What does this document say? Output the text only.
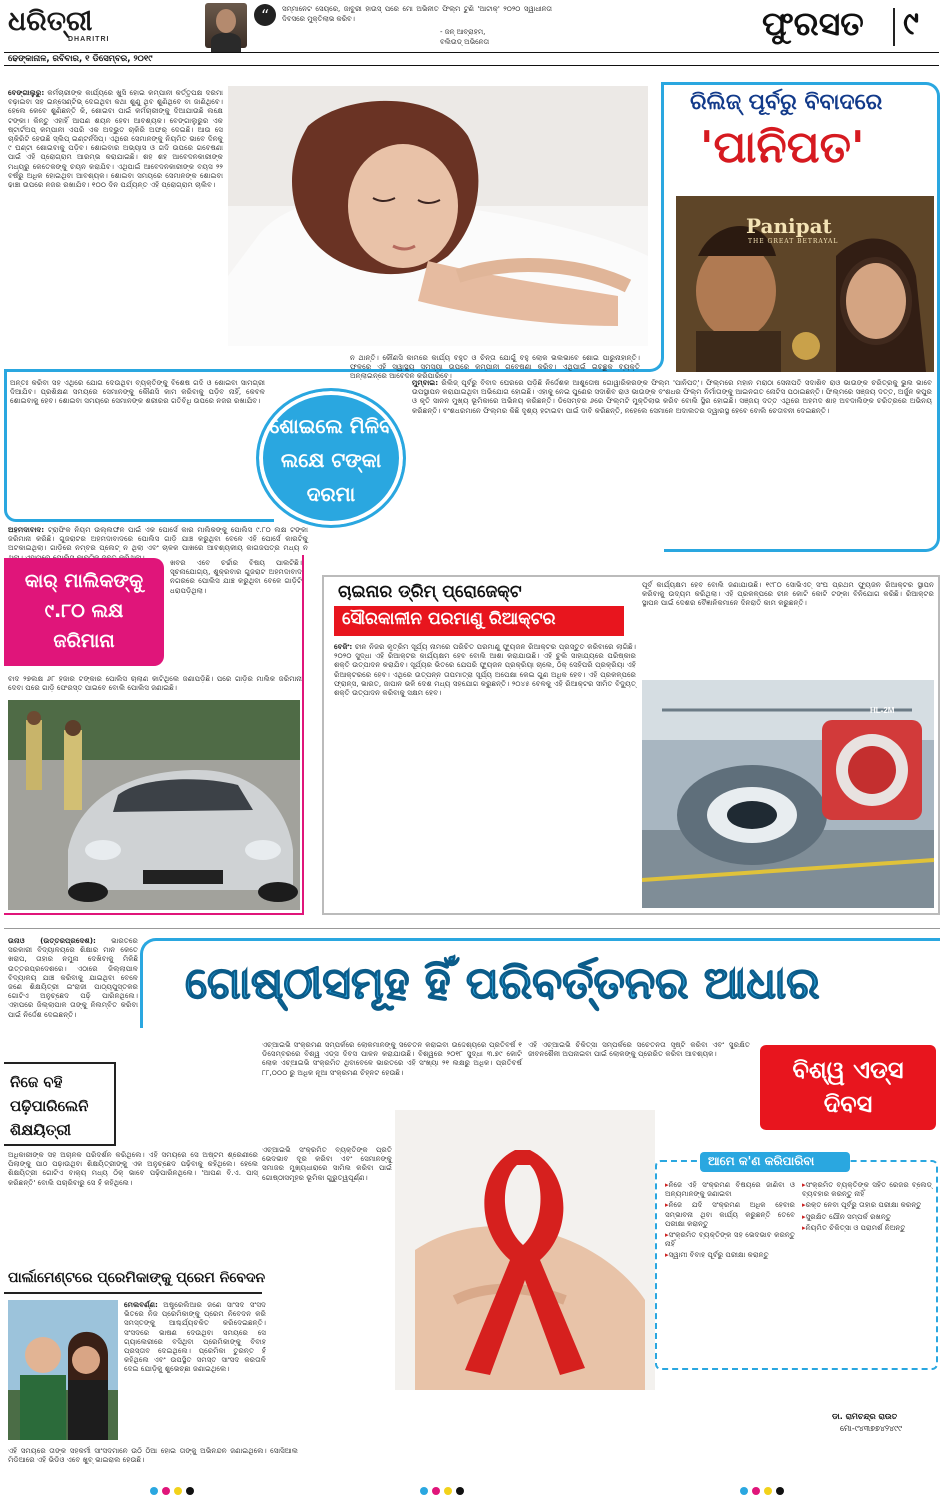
ଧରିତ୍ରୀ
DHARITRI
“	ସମ୍ମାନେଟ ସେୟରେ, ଜାବୁରୀ ହାଉସ୍ ପରେ ମୋ ଅଭିନୀତ ଫିଲ୍ମ ଟୁଣି 'ଆଟାକ୍' ୨୦୨୦ ସ୍ୱାଧୀନତା ଦିବସରେ ମୁକ୍ତିଲାଭ କରିବ।
- ଜନ୍ ଆବ୍ରାହମ,
ବଲିଉଡ୍ ଅଭିନେତା	ଫୁରସତ ୯
ଢେଙ୍କାନାଳ, ରବିବାର, ୧ ଡିସେମ୍ବର, ୨୦୧୯
ବେଙ୍ଗାଲୁରୁ: କର୍ମଚାରୀଙ୍କ କାର୍ଯ୍ୟରେ ଖୁସି ହୋଇ କମ୍ପାନୀ କର୍ତ୍ତୃପକ୍ଷ ଦରମା ବଢ଼ାଇବା ସହ ଇନ୍‌ସେଣ୍ଟିଭ୍ ଦେଇଥିବା କଥା ଶୁଣୁ ଥିବ ଶୁଣିଥିବେ ବା ଜାଣିଥିବେ। ହେଲେ କେବେ ଶୁଣିଛନ୍ତି କି, ଶୋଇବା ପାଇଁ କର୍ମଚାରୀଙ୍କୁ ଦିଆଯାଉଛି ଲକ୍ଷେ ଟଙ୍କା। କିନ୍ତୁ ଏହାହିଁ ଆପଣ ଶୟନ ହେବା ଆବଶ୍ୟକ। ବେଙ୍ଗାଲୁରୁର ଏକ ଷ୍ଟାର୍ଟଅପ୍ କମ୍ପାନୀ ଏପରି ଏକ ଅଦ୍ଭୁତ ଚାକିରି ଅଫର୍ ଦେଇଛି। ଆଉ ସେ ଚାକିରିଟି ହେଉଛି ସ୍ଲିପ୍ ଇଣ୍ଟର୍ନସିପ୍। ଏଥିରେ ସେମାନଙ୍କୁ ନିୟମିତ ଭାବେ ଦିନକୁ ୯ ଘଣ୍ଟା ଶୋଇବାକୁ ପଡ଼ିବ। ଶୋଇବାର ଅଭ୍ୟାସ ଓ ଗଦି ଉପରେ ଗବେଷଣା ପାଇଁ ଏହି ପ୍ରୋଗ୍ରାମ ଆରମ୍ଭ କରାଯାଇଛି। ଶହ ଶହ ଆବେଦନକାରୀଙ୍କ ମଧ୍ୟରୁ କେତେକଙ୍କୁ ଚୟନ କରାଯିବ। ଏଥିପାଇଁ ଆବେଦନକାରୀଙ୍କ ବୟସ ୨୨ ବର୍ଷରୁ ଅଧିକ ହୋଇଥିବା ଆବଶ୍ୟକ। ଶୋଇବା ସମୟରେ ସେମାନଙ୍କ ଶୋଇବା ଢାଞ୍ଚା ଉପରେ ନଜର ରଖାଯିବ। ୧୦୦ ଦିନ ପର୍ଯ୍ୟନ୍ତ ଏହି ପ୍ରୋଗ୍ରାମ ଚାଲିବ।
ନ ଥାନ୍ତି। କୌଣସି କାମରେ କାର୍ଯ୍ୟ ବହୁତ ଓ ଚିନ୍ତା ଯୋଗୁଁ ବହୁ ଲୋକ ଭଲଭାବେ ଶୋଇ ପାରୁନାହାନ୍ତି। ଫଳରେ ଏହି ସ୍ୱାସ୍ଥ୍ୟ ସମସ୍ୟା ଉପରେ କମ୍ପାନୀ ଗବେଷଣା କରିବ। ଏଥିପାଇଁ ଇଚ୍ଛୁକ ବ୍ୟକ୍ତି ଅନ୍‌ଲାଇନ୍‌ରେ ଆବେଦନ କରିପାରିବେ।
ଶୋଇଲେ ମିଳିବ ଲକ୍ଷେ ଟଙ୍କା ଦରମା
ଅନ୍ତଃ କରିବା ସହ ଏଥିରେ ଯୋଗ ଦେଉଥିବା ବ୍ୟକ୍ତିଙ୍କୁ ବିଶେଷ ଗଦି ଓ ଶୋଇବା ସାମଗ୍ରୀ ଦିଆଯିବ। ପ୍ରଶିକ୍ଷଣ ସମୟରେ ସେମାନଙ୍କୁ କୌଣସି କାମ କରିବାକୁ ପଡ଼ିବ ନାହିଁ, କେବଳ ଶୋଇବାକୁ ହେବ। ଶୋଇବା ସମୟରେ ସେମାନଙ୍କ ଶରୀରର ଗତିବିଧି ଉପରେ ନଜର ରଖାଯିବ।
ରିଲିଜ୍ ପୂର୍ବରୁ ବିବାଦରେ
'ପାନିପତ'
Panipat
THE GREAT BETRAYAL
ମୁମ୍ବାଇ: ରିଲିଜ୍ ପୂର୍ବରୁ ବିବାଦ ଘେରରେ ପଡ଼ିଛି ନିର୍ଦ୍ଦେଶକ ଆଶୁତୋଷ ଗୋୱାରିକରଙ୍କ ଫିଲ୍ମ 'ପାନିପତ୍'। ଫିଲ୍ମରେ ମହାନ ମରାଠା ସେନାପତି ସଦାଶିବ ରାଓ ଭାଉଙ୍କ ଚରିତ୍ରକୁ ଭୁଲ ଭାବେ ଉପସ୍ଥାପନ କରାଯାଇଥିବା ଅଭିଯୋଗ ହୋଇଛି। ଏହାକୁ ନେଇ ପୁଣେର ସଦାଶିବ ରାଓ ଭାଉଙ୍କ ବଂଶଧର ଫିଲ୍ମ ନିର୍ମାତାଙ୍କୁ ଆଇନଗତ ନୋଟିସ ପଠାଇଛନ୍ତି। ଫିଲ୍ମରେ ସଞ୍ଜୟ ଦତ୍ତ, ଅର୍ଜୁନ କପୁର ଓ କୃତି ସାନନ ମୁଖ୍ୟ ଭୂମିକାରେ ଅଭିନୟ କରିଛନ୍ତି। ଡିସେମ୍ବର ୬ରେ ଫିଲ୍ମଟି ମୁକ୍ତିଲାଭ କରିବ ବୋଲି ସ୍ଥିର ହୋଇଛି। ସଞ୍ଜୟ ଦତ୍ତ ଏଥିରେ ଅହମଦ ଶାହ ଅବଦାଲିଙ୍କ ଚରିତ୍ରରେ ଅଭିନୟ କରିଛନ୍ତି। ବଂଶଧରମାନେ ଫିଲ୍ମର କିଛି ଦୃଶ୍ୟ ହଟାଇବା ପାଇଁ ଦାବି କରିଛନ୍ତି, ନହେଲେ ସେମାନେ ଅଦାଲତର ଦ୍ୱାରସ୍ଥ ହେବେ ବୋଲି ଚେତାବନୀ ଦେଇଛନ୍ତି।
ଅହମଦାବାଦ: ଟ୍ରାଫିକ ନିୟମ ଉଲ୍ଲଙ୍ଘନ ପାଇଁ ଏକ ପୋର୍ସେ କାର ମାଲିକଙ୍କୁ ପୋଲିସ ୯.୮୦ ଲକ୍ଷ ଟଙ୍କା ଜରିମାନା କରିଛି। ଗୁଜରାଟର ଅହମଦାବାଦରେ ପୋଲିସ ଗାଡ଼ି ଯାଞ୍ଚ କରୁଥିବା ବେଳେ ଏହି ପୋର୍ସେ କାରଟିକୁ ଅଟକାଇଥିଲା। ଗାଡ଼ିରେ ନମ୍ବର ପ୍ଲେଟ୍ ନ ଥିଲା ଏବଂ ଚାଳକ ପାଖରେ ଆବଶ୍ୟକୀୟ କାଗଜପତ୍ର ମଧ୍ୟ ନ
କାର୍ ମାଲିକଙ୍କୁ ୯.୮୦ ଲକ୍ଷ ଜରିମାନା
ଖବର ଏବେ ଚର୍ଚ୍ଚାର ବିଷୟ ପାଲଟିଛି। ସୂଚନାଯୋଗ୍ୟ, ଶୁକ୍ରବାର ଗୁଜରାଟ ଅହମଦାବାଦ ନଗରରେ ପୋଲିସ ଯାଞ୍ଚ କରୁଥିବା ବେଳେ ଗାଡ଼ିଟି ଧରାପଡ଼ିଥିଲା।
ବାଦ ୨୭ଲକ୍ଷ ୬୮ ହଜାର ଟଙ୍କାର ପୋଲିସ ଚାଲାଣ କାଟିଥିଲେ ଜଣାପଡ଼ିଛି। ପରେ ଗାଡ଼ିର ମାଲିକ ଜରିମାନା ଦେବା ପରେ ଗାଡ଼ି ଫେରସ୍ତ ପାଇବେ ବୋଲି ପୋଲିସ ଜଣାଇଛି।
ଚାଇନାର ଡ୍ରିମ୍ ପ୍ରୋଜେକ୍ଟ
ସୌରକାଳୀନ ପରମାଣୁ ରିଆକ୍ଟର
ବେଜିଂ: ଚୀନ ନିଜର କୃତ୍ରିମ ସୂର୍ଯ୍ୟ ନାମରେ ପରିଚିତ ପରମାଣୁ ଫ୍ୟୁଜନ ରିଆକ୍ଟର ପ୍ରସ୍ତୁତ କରିବାରେ ଲାଗିଛି। ୨୦୨୦ ସୁଦ୍ଧା ଏହି ରିଆକ୍ଟର କାର୍ଯ୍ୟକ୍ଷମ ହେବ ବୋଲି ଆଶା କରାଯାଉଛି। ଏହି ଚୁଲି ସାହାଯ୍ୟରେ ପରିଷ୍କାର ଶକ୍ତି ଉତ୍ପାଦନ କରାଯିବ। ସୂର୍ଯ୍ୟର ଭିତରେ ଯେପରି ଫ୍ୟୁଜନ ପ୍ରକ୍ରିୟା ଚାଲେ, ଠିକ୍ ସେହିପରି ପ୍ରକ୍ରିୟା ଏହି ରିଆକ୍ଟରରେ ହେବ। ଏଥିରେ ଉତ୍ପନ୍ନ ତାପମାତ୍ରା ସୂର୍ଯ୍ୟ ଅପେକ୍ଷା କେଇ ଗୁଣ ଅଧିକ ହେବ। ଏହି ପ୍ରକଳ୍ପରେ ଫ୍ରାନ୍ସ, ଭାରତ, ଜାପାନ ଭଳି ଦେଶ ମଧ୍ୟ ସହଯୋଗ କରୁଛନ୍ତି। ୨୦୪୫ ବେଳକୁ ଏହି ରିଆକ୍ଟର ସୀମିତ ବିଦ୍ୟୁତ୍ ଶକ୍ତି ଉତ୍ପାଦନ କରିବାକୁ ସକ୍ଷମ ହେବ।
ପୂର୍ବ କାର୍ଯ୍ୟକ୍ଷମ ହେବ ବୋଲି ଜଣାଯାଉଛି। ୧୯୮୦ ସୋଭିଏତ୍ ସଂଘ ପ୍ରଥମ ଫ୍ୟୁଜନ ରିଆକ୍ଟର ସ୍ଥାପନ କରିବାକୁ ଉଦ୍ୟମ କରିଥିଲା। ଏହି ପ୍ରକଳ୍ପରେ ଚୀନ କୋଟି କୋଟି ଟଙ୍କା ବିନିଯୋଗ କରିଛି। ରିଆକ୍ଟର ସ୍ଥାପନ ପାଇଁ ଦେଶର ବୈଜ୍ଞାନିକମାନେ ଦିନରାତି କାମ କରୁଛନ୍ତି।
HL-2M
ଉନାଓ (ଉତ୍ତରପ୍ରଦେଶ): ଭାରତରେ ସରକାରୀ ବିଦ୍ୟାଳୟରେ ଶିକ୍ଷାର ମାନ କେତେ ଖରାପ, ତାହାର ନମୁନା ଦେଖିବାକୁ ମିଳିଛି ଉତ୍ତରପ୍ରଦେଶରେ। ଏଠାରେ ଜିଲ୍ଲାପାଳ ବିଦ୍ୟାଳୟ ଯାଞ୍ଚ କରିବାକୁ ଯାଇଥିବା ବେଳେ ଜଣେ ଶିକ୍ଷୟିତ୍ରୀ ଇଂରାଜୀ ପାଠ୍ୟପୁସ୍ତକର ଗୋଟିଏ ଅନୁଚ୍ଛେଦ ପଢ଼ି ପାରିନଥିଲେ। ଏହାପରେ ଜିଲ୍ଲାପାଳ ତାଙ୍କୁ ନିଲମ୍ବିତ କରିବା ପାଇଁ ନିର୍ଦ୍ଦେଶ ଦେଇଛନ୍ତି।
ନିଜେ ବହି ପଢ଼ିପାରିଲେନି ଶିକ୍ଷୟିତ୍ରୀ
ଅଧିକାରୀଙ୍କ ସହ ଅଚାନକ ପରିଦର୍ଶନ କରିଥିଲେ। ଏହି ସମୟରେ ସେ ଅଷ୍ଟମ ଶ୍ରେଣୀରେ ପିଲାଙ୍କୁ ପାଠ ପଢ଼ାଉଥିବା ଶିକ୍ଷୟିତ୍ରୀଙ୍କୁ ଏକ ଅନୁଚ୍ଛେଦ ପଢ଼ିବାକୁ କହିଥିଲେ। ହେଲେ ଶିକ୍ଷୟିତ୍ରୀ ଗୋଟିଏ ବାକ୍ୟ ମଧ୍ୟ ଠିକ୍ ଭାବେ ପଢ଼ିପାରିନଥିଲେ। 'ଆପଣ ବି.ଏ. ପାସ୍ କରିଛନ୍ତି' ବୋଲି ପଚାରିବାରୁ ସେ ହଁ କହିଥିଲେ।
ଗୋଷ୍ଠୀସମୂହ ହିଁ ପରିବର୍ତ୍ତନର ଆଧାର
ବିଶ୍ୱ ଏଡ୍‌ସ ଦିବସ
ଏଚ୍‌ଆଇଭି ସଂକ୍ରମଣ ସମ୍ପର୍କରେ ଲୋକମାନଙ୍କୁ ସଚେତନ କରାଇବା ଉଦ୍ଦେଶ୍ୟରେ ପ୍ରତିବର୍ଷ ୧ ଡିସେମ୍ବରରେ ବିଶ୍ୱ ଏଡ୍‌ସ ଦିବସ ପାଳନ କରାଯାଉଛି। ବିଶ୍ୱରେ ୨୦୧୮ ସୁଦ୍ଧା ୩.୭୯ କୋଟି ଲୋକ ଏଚ୍‌ଆଇଭି ସଂକ୍ରମିତ ଥିବାବେଳେ ଭାରତରେ ଏହି ସଂଖ୍ୟା ୨୧ ଲକ୍ଷରୁ ଅଧିକ। ପ୍ରତିବର୍ଷ ୮୮,୦୦୦ ରୁ ଅଧିକ ନୂଆ ସଂକ୍ରମଣ ଚିହ୍ନଟ ହେଉଛି।
ଏହି ଏଚ୍‌ଆଇଭି ଚିକିତ୍ସା ସମ୍ପର୍କରେ ସଚେତନତା ସୃଷ୍ଟି କରିବା ଏବଂ ସୁରକ୍ଷିତ ଜୀବନଶୈଳୀ ଅପନାଇବା ପାଇଁ ଲୋକଙ୍କୁ ପ୍ରେରିତ କରିବା ଆବଶ୍ୟକ।
ଏଚ୍‌ଆଇଭି ସଂକ୍ରମିତ ବ୍ୟକ୍ତିଙ୍କ ପ୍ରତି ଭେଦଭାବ ଦୂର କରିବା ଏବଂ ସେମାନଙ୍କୁ ସମାଜର ମୁଖ୍ୟଧାରାରେ ସାମିଲ କରିବା ପାଇଁ ଗୋଷ୍ଠୀସମୂହର ଭୂମିକା ଗୁରୁତ୍ୱପୂର୍ଣ୍ଣ।
ଆମେ କ'ଣ କରିପାରିବା
▸ ନିଜେ ଏହି ସଂକ୍ରମଣ ବିଷୟରେ ଜାଣିବା ଓ ଅନ୍ୟମାନଙ୍କୁ ଜଣାଇବା
▸ ନିଜେ ଯଦି ସଂକ୍ରମଣ ଅଧିକ ହେବାର ସମ୍ଭାବନା ଥିବା କାର୍ଯ୍ୟ କରୁଛନ୍ତି ତେବେ ପରୀକ୍ଷା କରାନ୍ତୁ
▸ ସଂକ୍ରମିତ ବ୍ୟକ୍ତିଙ୍କ ସହ ଭେଦଭାବ କରନ୍ତୁ ନାହିଁ
▸ ସ୍ୱାମୀ ବିବାହ ପୂର୍ବରୁ ପରୀକ୍ଷା କରାନ୍ତୁ
▸ ସଂକ୍ରମିତ ବ୍ୟକ୍ତିଙ୍କ ସହିତ ରେଜର ବ୍ଲେଡ୍ ବ୍ୟବହାର କରନ୍ତୁ ନାହିଁ
▸ ରକ୍ତ ନେବା ପୂର୍ବରୁ ତାହାର ପରୀକ୍ଷା କରନ୍ତୁ
▸ ସୁରକ୍ଷିତ ଯୌନ ସମ୍ପର୍କ ରଖନ୍ତୁ
▸ ନିୟମିତ ଚିକିତ୍ସା ଓ ପରାମର୍ଶ ନିଅନ୍ତୁ
ଡା. ରାମଚନ୍ଦ୍ର ରାଉତ
ମୋ-୯୪୩୭୭୪୨୪୯୯
ପାର୍ଲାମେଣ୍ଟରେ ପ୍ରେମିକାଙ୍କୁ ପ୍ରେମ ନିବେଦନ
ମେଲବର୍ଣ୍ଣ: ଅଷ୍ଟ୍ରେଲିଆର ଜଣେ ସାଂସଦ ସଂସଦ ଭିତରେ ନିଜ ପ୍ରେମିକାଙ୍କୁ ପ୍ରେମ ନିବେଦନ କରି ସମସ୍ତଙ୍କୁ ଆଶ୍ଚର୍ଯ୍ୟଚକିତ କରିଦେଇଛନ୍ତି। ସଂସଦରେ ଭାଷଣ ଦେଉଥିବା ସମୟରେ ସେ ଗ୍ୟାଲେରୀରେ ବସିଥିବା ପ୍ରେମିକାଙ୍କୁ ବିବାହ ପ୍ରସ୍ତାବ ଦେଇଥିଲେ। ପ୍ରେମିକା ତୁରନ୍ତ ହଁ କହିଥିଲେ ଏବଂ ଉପସ୍ଥିତ ସମସ୍ତ ସାଂସଦ କରତାଳି ଦେଇ ଯୋଡ଼ିକୁ ଶୁଭେଚ୍ଛା ଜଣାଇଥିଲେ।
ଏହି ସମୟରେ ତାଙ୍କ ସହକର୍ମୀ ସାଂସଦମାନେ ଉଠି ଠିଆ ହୋଇ ତାଙ୍କୁ ଅଭିନନ୍ଦନ ଜଣାଇଥିଲେ। ସୋସିଆଲ ମିଡିଆରେ ଏହି ଭିଡିଓ ଏବେ ଖୁବ୍ ଭାଇରାଲ ହେଉଛି।
